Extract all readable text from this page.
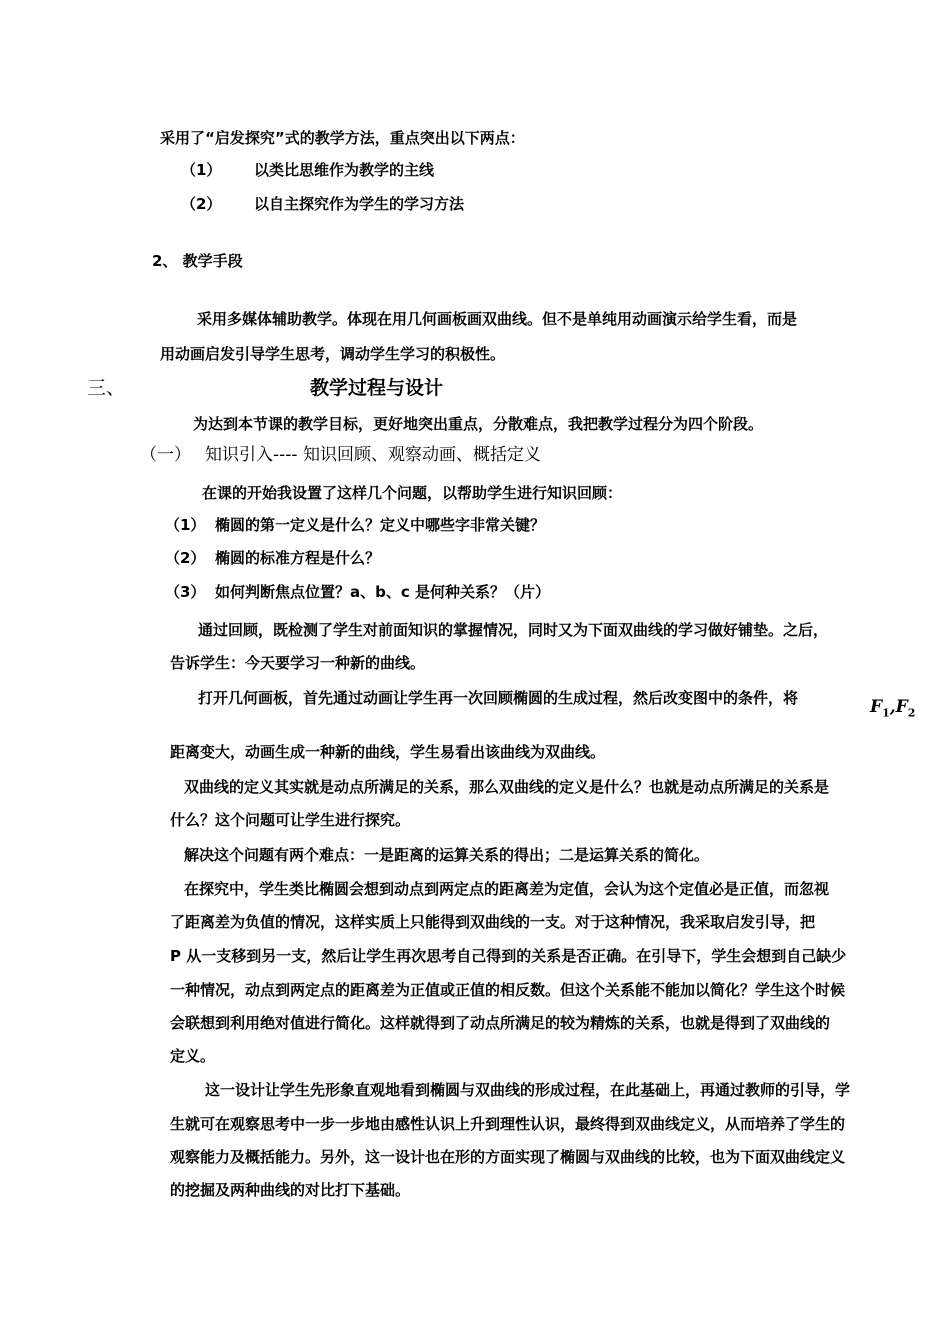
采用了“启发探究”式的教学方法，重点突出以下两点：
（1） 以类比思维作为教学的主线
（2） 以自主探究作为学生的学习方法
2、 教学手段
采用多媒体辅助教学。体现在用几何画板画双曲线。但不是单纯用动画演示给学生看，而是
用动画启发引导学生思考，调动学生学习的积极性。
三、	教学过程与设计
为达到本节课的教学目标，更好地突出重点，分散难点，我把教学过程分为四个阶段。
（一） 知识引入---- 知识回顾、观察动画、概括定义
在课的开始我设置了这样几个问题，以帮助学生进行知识回顾：
（1） 椭圆的第一定义是什么？定义中哪些字非常关键？
（2） 椭圆的标准方程是什么？
（3） 如何判断焦点位置？a、b、c 是何种关系？（片）
通过回顾，既检测了学生对前面知识的掌握情况，同时又为下面双曲线的学习做好铺垫。之后，
告诉学生：今天要学习一种新的曲线。
打开几何画板，首先通过动画让学生再一次回顾椭圆的生成过程，然后改变图中的条件，将	$F_1,F_2$
距离变大，动画生成一种新的曲线，学生易看出该曲线为双曲线。
双曲线的定义其实就是动点所满足的关系，那么双曲线的定义是什么？也就是动点所满足的关系是
什么？这个问题可让学生进行探究。
解决这个问题有两个难点：一是距离的运算关系的得出；二是运算关系的简化。
在探究中，学生类比椭圆会想到动点到两定点的距离差为定值，会认为这个定值必是正值，而忽视
了距离差为负值的情况，这样实质上只能得到双曲线的一支。对于这种情况，我采取启发引导，把
P 从一支移到另一支，然后让学生再次思考自己得到的关系是否正确。在引导下，学生会想到自己缺少
一种情况，动点到两定点的距离差为正值或正值的相反数。但这个关系能不能加以简化？学生这个时候
会联想到利用绝对值进行简化。这样就得到了动点所满足的较为精炼的关系，也就是得到了双曲线的
定义。
这一设计让学生先形象直观地看到椭圆与双曲线的形成过程，在此基础上，再通过教师的引导，学
生就可在观察思考中一步一步地由感性认识上升到理性认识，最终得到双曲线定义，从而培养了学生的
观察能力及概括能力。另外，这一设计也在形的方面实现了椭圆与双曲线的比较，也为下面双曲线定义
的挖掘及两种曲线的对比打下基础。
